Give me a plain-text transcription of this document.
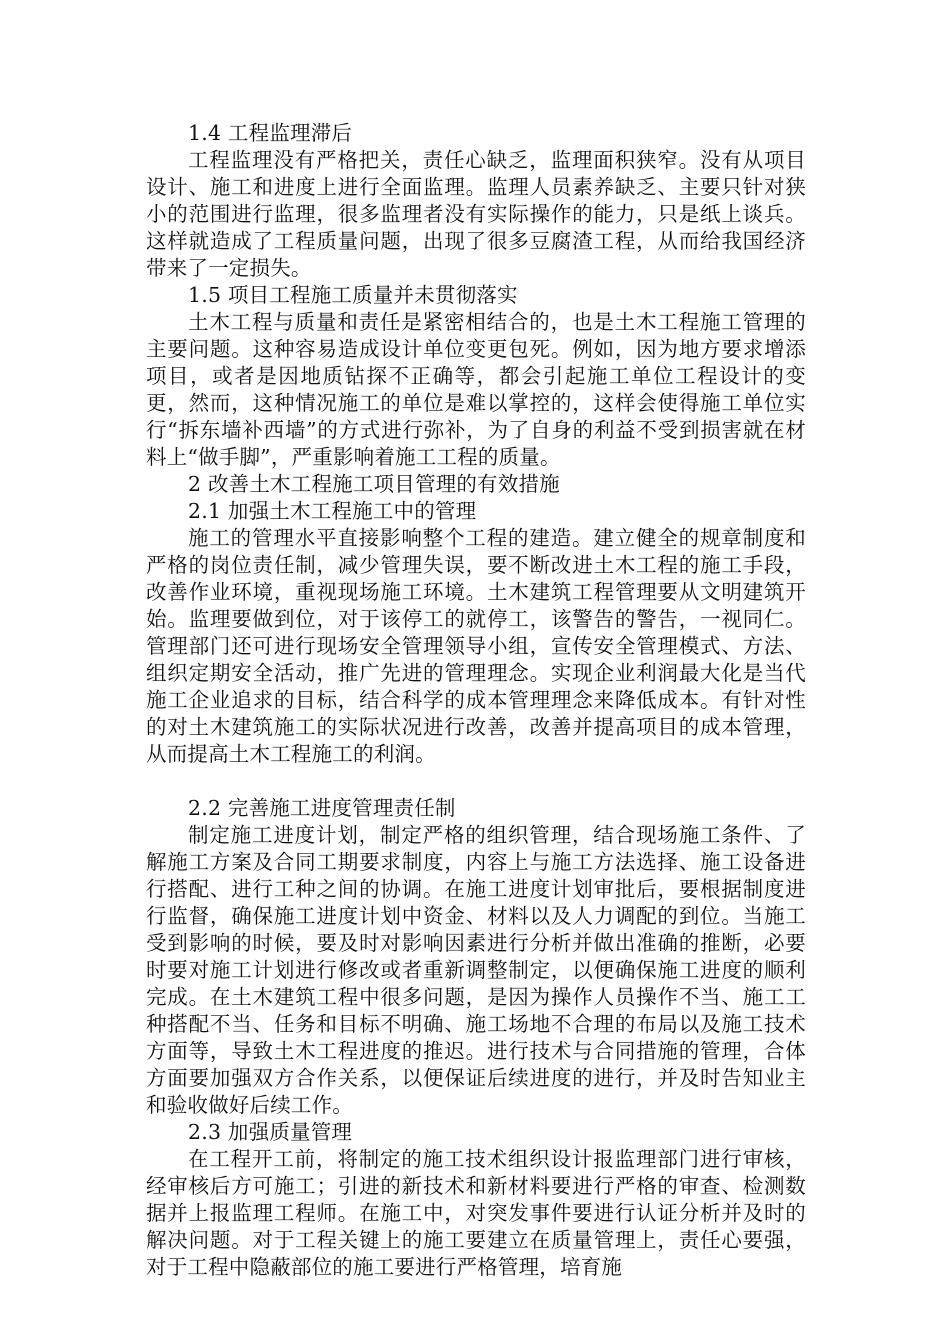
1.4 工程监理滞后

工程监理没有严格把关，责任心缺乏，监理面积狭窄。没有从项目设计、施工和进度上进行全面监理。监理人员素养缺乏、主要只针对狭小的范围进行监理，很多监理者没有实际操作的能力，只是纸上谈兵。这样就造成了工程质量问题，出现了很多豆腐渣工程，从而给我国经济带来了一定损失。

1.5 项目工程施工质量并未贯彻落实

土木工程与质量和责任是紧密相结合的，也是土木工程施工管理的主要问题。这种容易造成设计单位变更包死。例如，因为地方要求增添项目，或者是因地质钻探不正确等，都会引起施工单位工程设计的变更，然而，这种情况施工的单位是难以掌控的，这样会使得施工单位实行“拆东墙补西墙”的方式进行弥补，为了自身的利益不受到损害就在材料上“做手脚”，严重影响着施工工程的质量。

2 改善土木工程施工项目管理的有效措施

2.1 加强土木工程施工中的管理

施工的管理水平直接影响整个工程的建造。建立健全的规章制度和严格的岗位责任制，减少管理失误，要不断改进土木工程的施工手段，改善作业环境，重视现场施工环境。土木建筑工程管理要从文明建筑开始。监理要做到位，对于该停工的就停工，该警告的警告，一视同仁。管理部门还可进行现场安全管理领导小组，宣传安全管理模式、方法、组织定期安全活动，推广先进的管理理念。实现企业利润最大化是当代施工企业追求的目标，结合科学的成本管理理念来降低成本。有针对性的对土木建筑施工的实际状况进行改善，改善并提高项目的成本管理，从而提高土木工程施工的利润。

2.2 完善施工进度管理责任制

制定施工进度计划，制定严格的组织管理，结合现场施工条件、了解施工方案及合同工期要求制度，内容上与施工方法选择、施工设备进行搭配、进行工种之间的协调。在施工进度计划审批后，要根据制度进行监督，确保施工进度计划中资金、材料以及人力调配的到位。当施工受到影响的时候，要及时对影响因素进行分析并做出准确的推断，必要时要对施工计划进行修改或者重新调整制定，以便确保施工进度的顺利完成。在土木建筑工程中很多问题，是因为操作人员操作不当、施工工种搭配不当、任务和目标不明确、施工场地不合理的布局以及施工技术方面等，导致土木工程进度的推迟。进行技术与合同措施的管理，合体方面要加强双方合作关系，以便保证后续进度的进行，并及时告知业主和验收做好后续工作。

2.3 加强质量管理

在工程开工前，将制定的施工技术组织设计报监理部门进行审核，经审核后方可施工；引进的新技术和新材料要进行严格的审查、检测数据并上报监理工程师。在施工中，对突发事件要进行认证分析并及时的解决问题。对于工程关键上的施工要建立在质量管理上，责任心要强，对于工程中隐蔽部位的施工要进行严格管理，培育施
